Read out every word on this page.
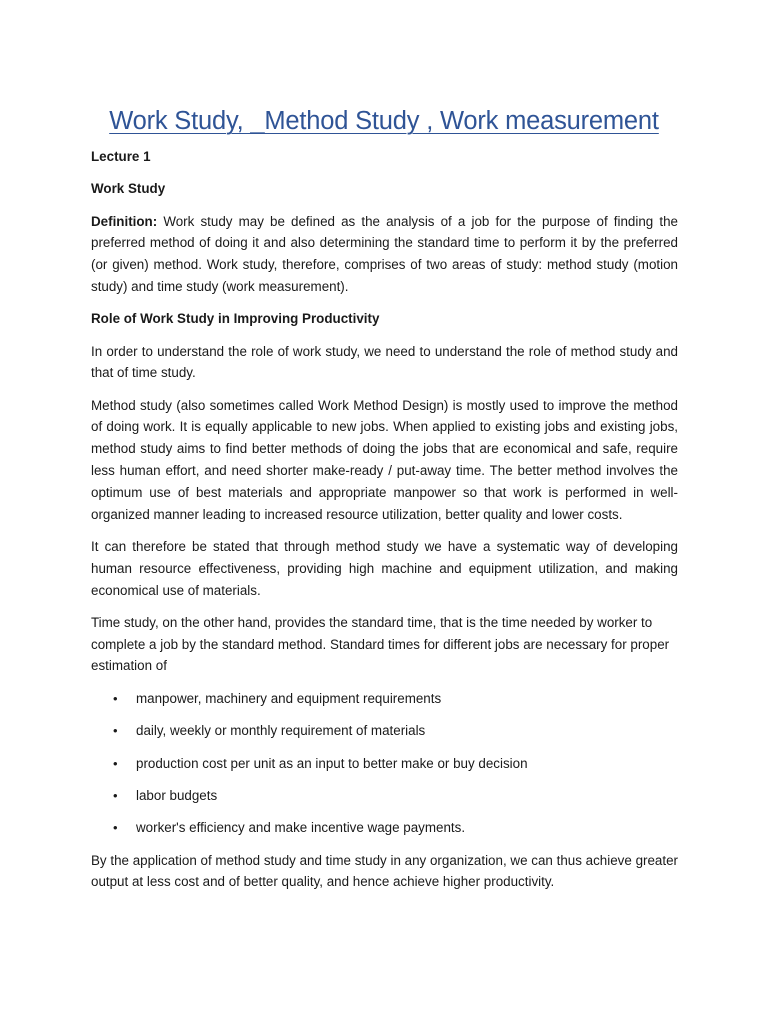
Work Study, _Method Study , Work measurement

Lecture 1

Work Study

Definition: Work study may be defined as the analysis of a job for the purpose of finding the preferred method of doing it and also determining the standard time to perform it by the preferred (or given) method. Work study, therefore, comprises of two areas of study: method study (motion study) and time study (work measurement).

Role of Work Study in Improving Productivity

In order to understand the role of work study, we need to understand the role of method study and that of time study.

Method study (also sometimes called Work Method Design) is mostly used to improve the method of doing work. It is equally applicable to new jobs. When applied to existing jobs and existing jobs, method study aims to find better methods of doing the jobs that are economical and safe, require less human effort, and need shorter make-ready / put-away time. The better method involves the optimum use of best materials and appropriate manpower so that work is performed in well-organized manner leading to increased resource utilization, better quality and lower costs.

It can therefore be stated that through method study we have a systematic way of developing human resource effectiveness, providing high machine and equipment utilization, and making economical use of materials.

Time study, on the other hand, provides the standard time, that is the time needed by worker to complete a job by the standard method. Standard times for different jobs are necessary for proper estimation of

• manpower, machinery and equipment requirements
• daily, weekly or monthly requirement of materials
• production cost per unit as an input to better make or buy decision
• labor budgets
• worker's efficiency and make incentive wage payments.

By the application of method study and time study in any organization, we can thus achieve greater output at less cost and of better quality, and hence achieve higher productivity.
